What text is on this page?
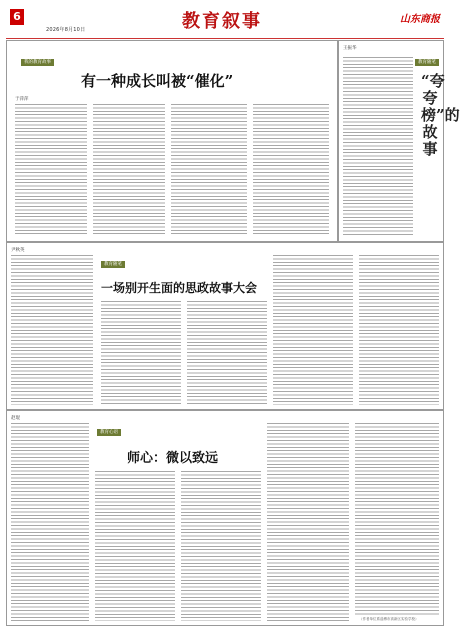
6
2026年8月10日	教育叙事	山东商报
我的教育故事
有一种成长叫被“催化”
于萍萍
王振华
教育随笔
“夸夸榜”的故事
尹秋英
教育随笔
一场别开生面的思政故事大会
赵琨
教育心语
师心：微以致远
（作者单位系淄博市高新区实验学校）
